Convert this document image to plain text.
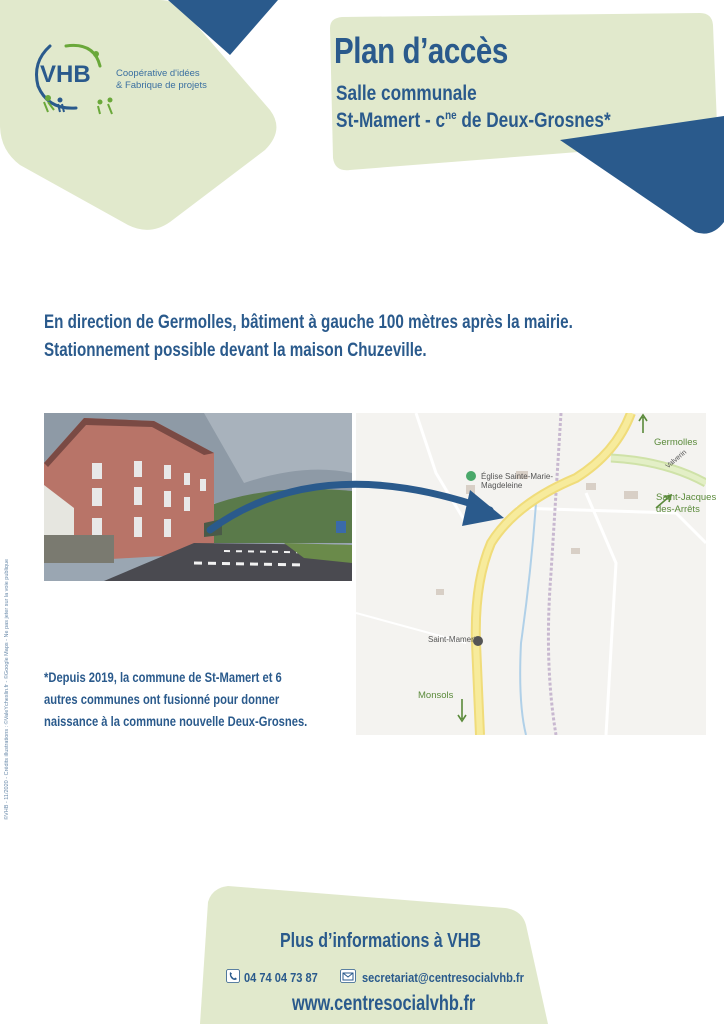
VHB	Coopérative d'idées
& Fabrique de projets
Plan d’accès
Salle communale
St-Mamert - $c^{ne}$ de Deux-Grosnes*
En direction de Germolles, bâtiment à gauche 100 mètres après la mairie.
Stationnement possible devant la maison Chuzeville.
Église Sainte-Marie-
Magdeleine
Germolles
Saint-Jacques
des-Arrêts
Saint-Mamert
Monsols
Valverin
*Depuis 2019, la commune de St-Mamert et 6
autres communes ont fusionné pour donner
naissance à la commune nouvelle Deux-Grosnes.
©VHB - 11/2020 - Crédits illustrations : ©ValeYcheslin.fr - ©Google Maps - Ne pas jeter sur la voie publique
Plus d’informations à VHB
04 74 04 73 87	secretariat@centresocialvhb.fr
www.centresocialvhb.fr
